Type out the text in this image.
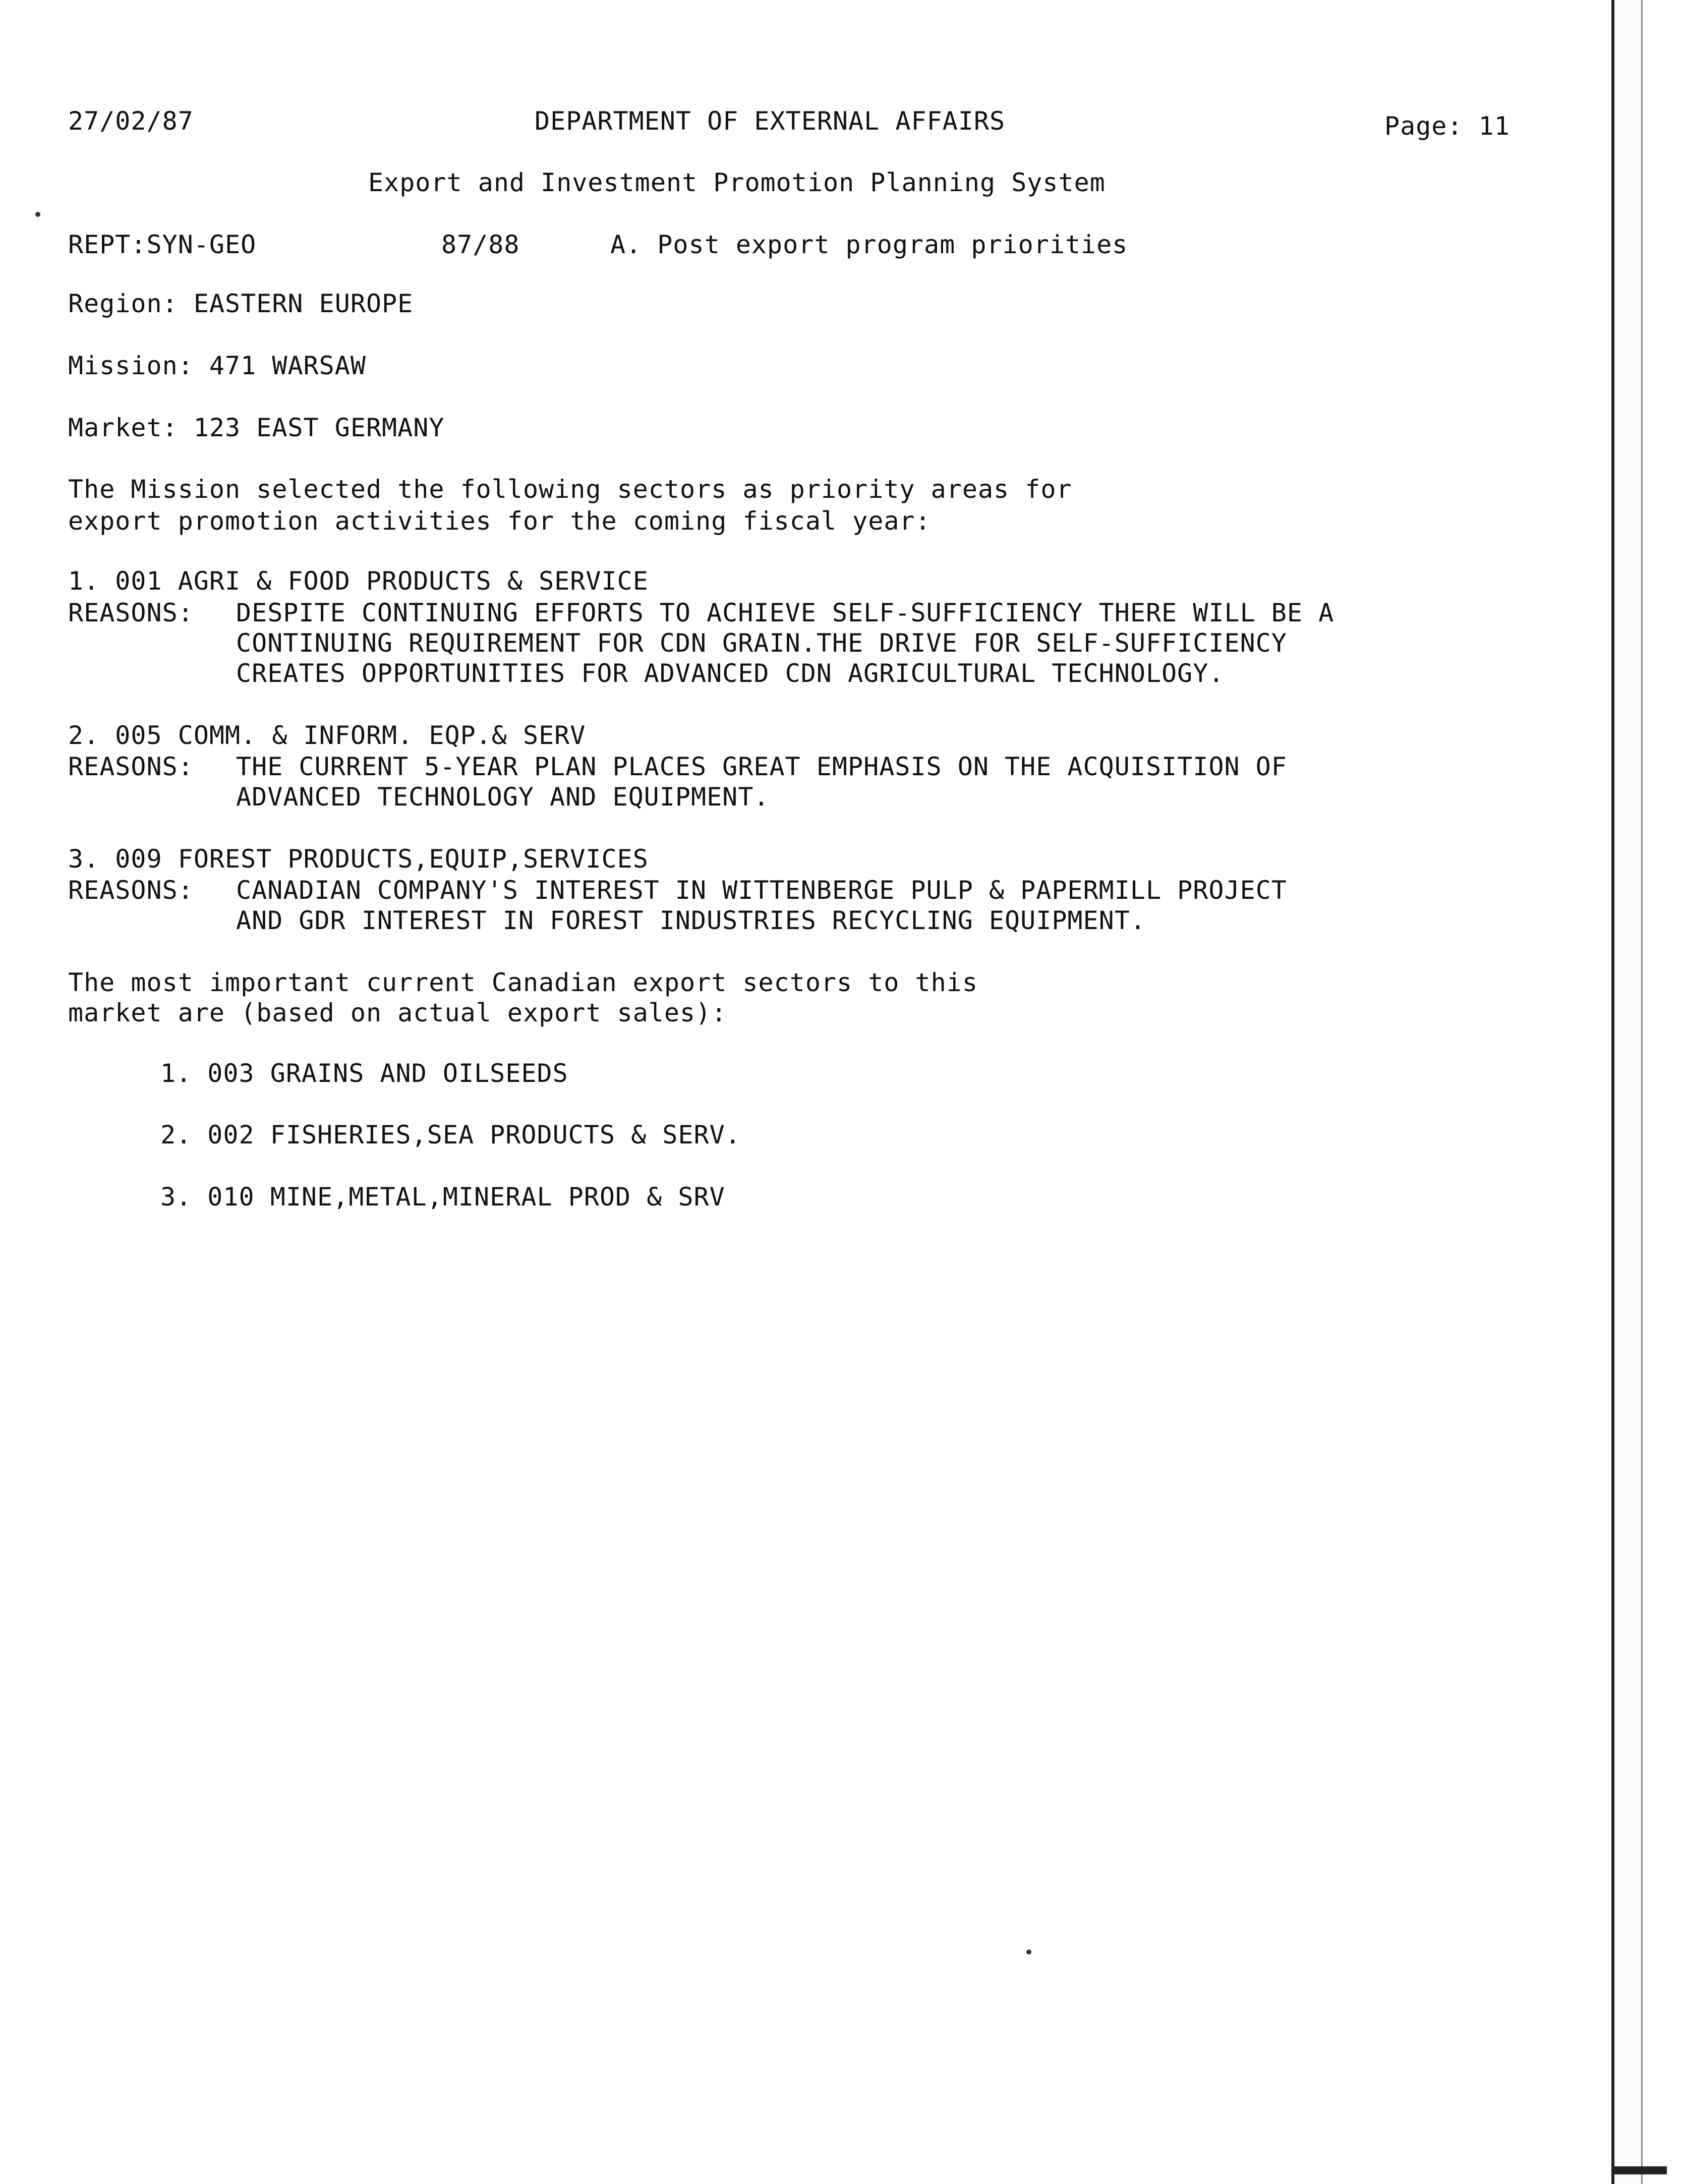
27/02/87	DEPARTMENT OF EXTERNAL AFFAIRS	Page: 11
Export and Investment Promotion Planning System
REPT:SYN-GEO	87/88	A. Post export program priorities
Region: EASTERN EUROPE
Mission: 471 WARSAW
Market: 123 EAST GERMANY
The Mission selected the following sectors as priority areas for
export promotion activities for the coming fiscal year:
1. 001 AGRI & FOOD PRODUCTS & SERVICE
REASONS: DESPITE CONTINUING EFFORTS TO ACHIEVE SELF-SUFFICIENCY THERE WILL BE A
CONTINUING REQUIREMENT FOR CDN GRAIN.THE DRIVE FOR SELF-SUFFICIENCY
CREATES OPPORTUNITIES FOR ADVANCED CDN AGRICULTURAL TECHNOLOGY.
2. 005 COMM. & INFORM. EQP.& SERV
REASONS: THE CURRENT 5-YEAR PLAN PLACES GREAT EMPHASIS ON THE ACQUISITION OF
ADVANCED TECHNOLOGY AND EQUIPMENT.
3. 009 FOREST PRODUCTS,EQUIP,SERVICES
REASONS: CANADIAN COMPANY'S INTEREST IN WITTENBERGE PULP & PAPERMILL PROJECT
AND GDR INTEREST IN FOREST INDUSTRIES RECYCLING EQUIPMENT.
The most important current Canadian export sectors to this
market are (based on actual export sales):
1. 003 GRAINS AND OILSEEDS
2. 002 FISHERIES,SEA PRODUCTS & SERV.
3. 010 MINE,METAL,MINERAL PROD & SRV
